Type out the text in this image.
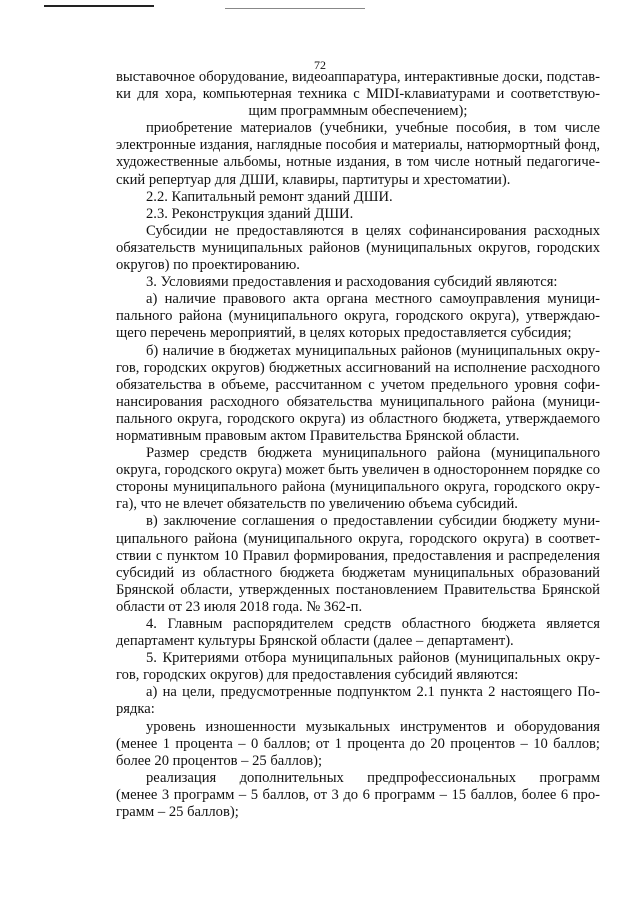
72

выставочное оборудование, видеоаппаратура, интерактивные доски, подстав-

ки для хора, компьютерная техника с MIDI-клавиатурами и соответствую-

щим программным обеспечением);

приобретение материалов (учебники, учебные пособия, в том числе

электронные издания, наглядные пособия и материалы, натюрмортный фонд,

художественные альбомы, нотные издания, в том числе нотный педагогиче-

ский репертуар для ДШИ, клавиры, партитуры и хрестоматии).

2.2. Капитальный ремонт зданий ДШИ.

2.3. Реконструкция зданий ДШИ.

Субсидии не предоставляются в целях софинансирования расходных

обязательств муниципальных районов (муниципальных округов, городских

округов) по проектированию.

3. Условиями предоставления и расходования субсидий являются:

а) наличие правового акта органа местного самоуправления муници-

пального района (муниципального округа, городского округа), утверждаю-

щего перечень мероприятий, в целях которых предоставляется субсидия;

б) наличие в бюджетах муниципальных районов (муниципальных окру-

гов, городских округов) бюджетных ассигнований на исполнение расходного

обязательства в объеме, рассчитанном с учетом предельного уровня софи-

нансирования расходного обязательства муниципального района (муници-

пального округа, городского округа) из областного бюджета, утверждаемого

нормативным правовым актом Правительства Брянской области.

Размер средств бюджета муниципального района (муниципального

округа, городского округа) может быть увеличен в одностороннем порядке со

стороны муниципального района (муниципального округа, городского окру-

га), что не влечет обязательств по увеличению объема субсидий.

в) заключение соглашения о предоставлении субсидии бюджету муни-

ципального района (муниципального округа, городского округа) в соответ-

ствии с пунктом 10 Правил формирования, предоставления и распределения

субсидий из областного бюджета бюджетам муниципальных образований

Брянской области, утвержденных постановлением Правительства Брянской

области от 23 июля 2018 года. № 362-п.

4. Главным распорядителем средств областного бюджета является

департамент культуры Брянской области (далее – департамент).

5. Критериями отбора муниципальных районов (муниципальных окру-

гов, городских округов) для предоставления субсидий являются:

а) на цели, предусмотренные подпунктом 2.1 пункта 2 настоящего По-

рядка:

уровень изношенности музыкальных инструментов и оборудования

(менее 1 процента – 0 баллов; от 1 процента до 20 процентов – 10 баллов;

более 20 процентов – 25 баллов);

реализация дополнительных предпрофессиональных программ

(менее 3 программ – 5 баллов, от 3 до 6 программ – 15 баллов, более 6 про-

грамм – 25 баллов);
